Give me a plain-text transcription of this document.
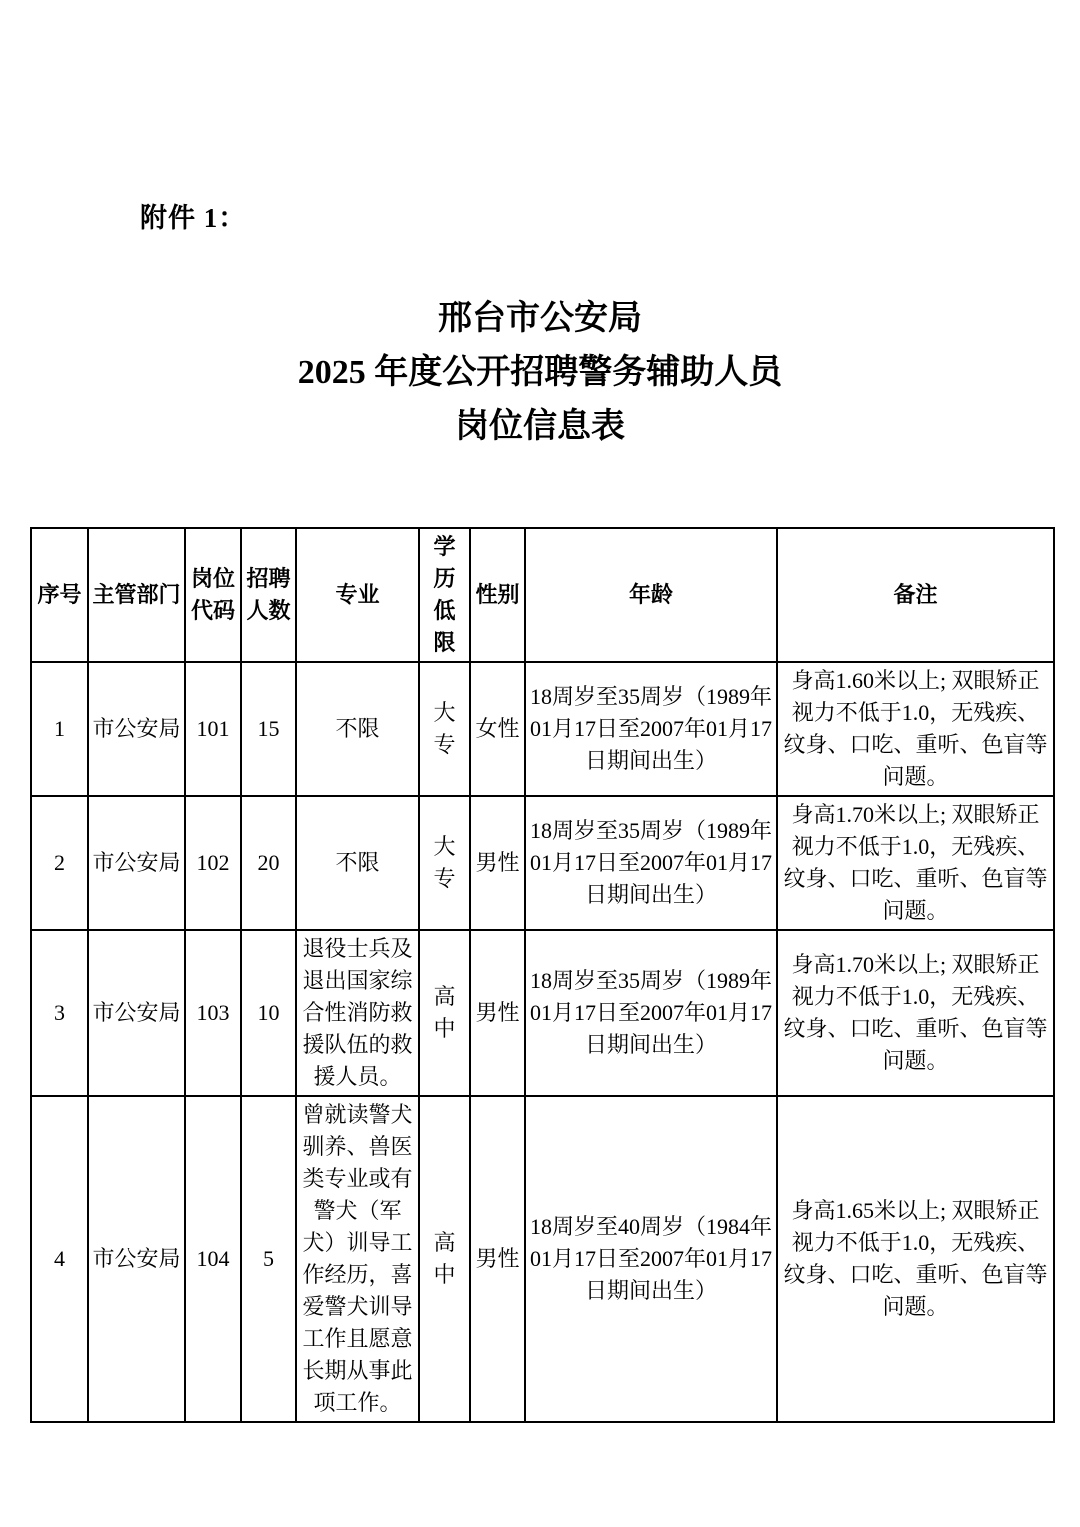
附件 1：
邢台市公安局
2025 年度公开招聘警务辅助人员
岗位信息表
序号	主管部门	岗位代码	招聘人数	专业	学历低限	性别	年龄	备注
1	市公安局	101	15	不限	大专	女性	18周岁至35周岁（1989年01月17日至2007年01月17日期间出生）	身高1.60米以上; 双眼矫正视力不低于1.0，无残疾、纹身、口吃、重听、色盲等问题。
2	市公安局	102	20	不限	大专	男性	18周岁至35周岁（1989年01月17日至2007年01月17日期间出生）	身高1.70米以上; 双眼矫正视力不低于1.0，无残疾、纹身、口吃、重听、色盲等问题。
3	市公安局	103	10	退役士兵及退出国家综合性消防救援队伍的救援人员。	高中	男性	18周岁至35周岁（1989年01月17日至2007年01月17日期间出生）	身高1.70米以上; 双眼矫正视力不低于1.0，无残疾、纹身、口吃、重听、色盲等问题。
4	市公安局	104	5	曾就读警犬驯养、兽医类专业或有警犬（军犬）训导工作经历，喜爱警犬训导工作且愿意长期从事此项工作。	高中	男性	18周岁至40周岁（1984年01月17日至2007年01月17日期间出生）	身高1.65米以上; 双眼矫正视力不低于1.0，无残疾、纹身、口吃、重听、色盲等问题。
